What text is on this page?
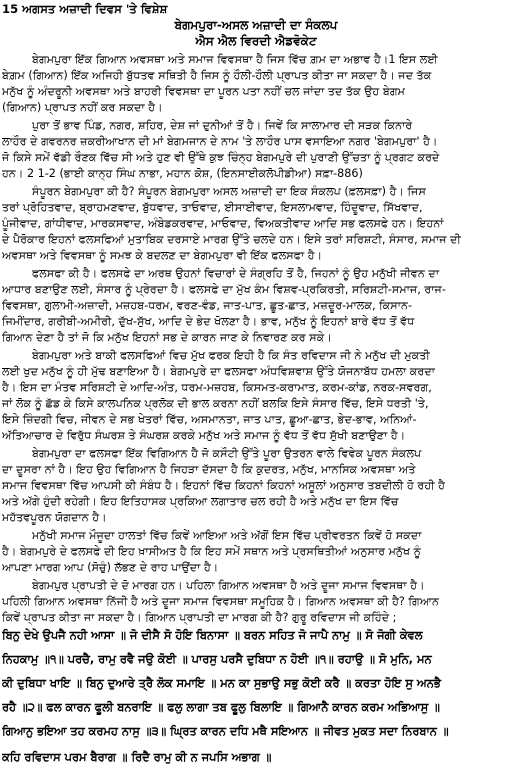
15 ਅਗਸਤ ਅਜ਼ਾਦੀ ਦਿਵਸ 'ਤੇ ਵਿਸ਼ੇਸ਼
ਬੇਗਮਪੁਰਾ-ਅਸਲ ਅਜ਼ਾਦੀ ਦਾ ਸੰਕਲਪ
ਐਸ ਐਲ ਵਿਰਦੀ ਐਡਵੋਕੇਟ
ਬੇਗਮਪੁਰਾ ਇੱਕ ਗਿਆਨ ਅਵਸਥਾ ਅਤੇ ਸਮਾਜ ਵਿਵਸਥਾ ਹੈ ਜਿਸ ਵਿੱਚ ਗ਼ਮ ਦਾ ਅਭਾਵ ਹੈ।1 ਇਸ ਲਈ
ਬੇਗ਼ਮ (ਗਿਆਨ) ਇੱਕ ਅਜਿਹੀ ਬੁੱਧਤਵ ਸਥਿਤੀ ਹੈ ਜਿਸ ਨੂੰ ਹੌਲੀ-ਹੌਲੀ ਪ੍ਰਾਪਤ ਕੀਤਾ ਜਾ ਸਕਦਾ ਹੈ। ਜਦ ਤੱਕ
ਮਨੁੱਖ ਨੂੰ ਅੰਦਰੂਨੀ ਅਵਸਥਾ ਅਤੇ ਬਾਹਰੀ ਵਿਵਸਥਾ ਦਾ ਪੂਰਨ ਪਤਾ ਨਹੀਂ ਚਲ ਜਾਂਦਾ ਤਦ ਤੱਕ ਉਹ ਬੇਗਮ
(ਗਿਆਨ) ਪ੍ਰਾਪਤ ਨਹੀਂ ਕਰ ਸਕਦਾ ਹੈ।
ਪੁਰਾ ਤੋਂ ਭਾਵ ਪਿੰਡ, ਨਗਰ, ਸ਼ਹਿਰ, ਦੇਸ਼ ਜਾਂ ਦੁਨੀਆਂ ਤੋਂ ਹੈ। ਜਿਵੇਂ ਕਿ ਸਾਲਾਮਾਰ ਦੀ ਸੜਕ ਕਿਨਾਰੇ
ਲਾਹੌਰ ਦੇ ਗਵਰਨਰ ਜ਼ਕਰੀਆਖਾਨ ਦੀ ਮਾਂ ਬੇਗਮਜਾਨ ਦੇ ਨਾਮ 'ਤੇ ਲਾਹੌਰ ਪਾਸ ਵਸਾਇਆ ਨਗਰ 'ਬੇਗਮਪੁਰਾ' ਹੈ।
ਜੋ ਕਿਸੇ ਸਮੇਂ ਵੱਡੀ ਰੌਣਕ ਵਿੱਚ ਸੀ ਅਤੇ ਹੁਣ ਵੀ ਉੱਥੇ ਕੁਝ ਚਿੰਨ੍ਹ ਬੇਗਮਪੁਰੇ ਦੀ ਪੁਰਾਣੀ ਉੱਚਤਾ ਨੂੰ ਪ੍ਰਗਟ ਕਰਦੇ
ਹਨ। 2 1-2 (ਭਾਈ ਕਾਨ੍ਹ ਸਿੰਘ ਨਾਭਾ, ਮਹਾਨ ਕੋਸ਼, (ਇਨਸਾਈਕਲੋਪੀਡੀਆ) ਸਫ਼ਾ-886)
ਸੰਪੂਰਨ ਬੇਗਮਪੁਰਾ ਕੀ ਹੈ? ਸੰਪੂਰਨ ਬੇਗਮਪੁਰਾ ਅਸਲ ਅਜ਼ਾਦੀ ਦਾ ਇਕ ਸੰਕਲਪ (ਫ਼ਲਸਫ਼ਾ) ਹੈ। ਜਿਸ
ਤਰਾਂ ਪ੍ਰੋਹਿਤਵਾਦ, ਬ੍ਰਾਹਮਣਵਾਦ, ਬੁੱਧਵਾਦ, ਤਾਓਵਾਦ, ਈਸਾਈਵਾਦ, ਇਸਲਾਮਵਾਦ, ਹਿੰਦੂਵਾਦ, ਸਿੱਖਵਾਦ,
ਪੂੰਜੀਵਾਦ, ਗਾਂਧੀਵਾਦ, ਮਾਰਕਸਵਾਦ, ਅੰਬੇਡਕਰਵਾਦ, ਮਾਓਵਾਦ, ਵਿਅਕਤੀਵਾਦ ਆਦਿ ਸਭ ਫਲਸਫੇ ਹਨ। ਇਹਨਾਂ
ਦੇ ਪੈਰੋਕਾਰ ਇਹਨਾਂ ਫਲਸਫਿਆਂ ਮੁਤਾਬਿਕ ਦਰਸਾਏ ਮਾਰਗ ਉੱਤੇ ਚਲਦੇ ਹਨ। ਇਸੇ ਤਰਾਂ ਸਰਿਸ਼ਟੀ, ਸੰਸਾਰ, ਸਮਾਜ ਦੀ
ਅਵਸਥਾ ਅਤੇ ਵਿਵਸਥਾ ਨੂੰ ਸਮਝ ਕੇ ਬਦਲਣ ਦਾ ਬੇਗਮਪੁਰਾ ਵੀ ਇੱਕ ਫਲਸਫਾ ਹੈ।
ਫਲਸਫਾ ਕੀ ਹੈ। ਫਲਸਫੇ ਦਾ ਅਰਥ ਉਹਨਾਂ ਵਿਚਾਰਾਂ ਦੇ ਸੰਗ੍ਰਹਿ ਤੋਂ ਹੈ, ਜਿਹਨਾਂ ਨੂੰ ਉਹ ਮਨੁੱਖੀ ਜੀਵਨ ਦਾ
ਆਧਾਰ ਬਣਾਉਣ ਲਈ, ਸੰਸਾਰ ਨੂੰ ਪ੍ਰੇਰਦਾ ਹੈ। ਫਲਸਫੇ ਦਾ ਮੁੱਖ ਕੰਮ ਵਿਸ਼ਵ-ਪ੍ਰਕਿਰਤੀ, ਸਰਿਸ਼ਟੀ-ਸਮਾਜ, ਰਾਜ-
ਵਿਵਸਥਾ, ਗੁਲਾਮੀ-ਅਜ਼ਾਦੀ, ਮਜ਼ਹਬ-ਧਰਮ, ਵਰਣ-ਵੰਡ, ਜਾਤ-ਪਾਤ, ਛੂਤ-ਛਾਤ, ਮਜ਼ਦੂਰ-ਮਾਲਕ, ਕਿਸਾਨ-
ਜਿਮੀਂਦਾਰ, ਗਰੀਬੀ-ਅਮੀਰੀ, ਦੁੱਖ-ਸੁੱਖ, ਆਦਿ ਦੇ ਭੇਦ ਖੋਲਣਾ ਹੈ। ਭਾਵ, ਮਨੁੱਖ ਨੂੰ ਇਹਨਾਂ ਬਾਰੇ ਵੱਧ ਤੋਂ ਵੱਧ
ਗਿਆਨ ਦੇਣਾ ਹੈ ਤਾਂ ਜੋ ਕਿ ਮਨੁੱਖ ਇਹਨਾਂ ਸਭ ਦੇ ਕਾਰਨ ਜਾਣ ਕੇ ਨਿਵਾਰਣ ਕਰ ਸਕੇ।
ਬੇਗਮਪੁਰਾ ਅਤੇ ਬਾਕੀ ਫਲਸਫਿਆਂ ਵਿਚ ਮੁੱਖ ਫਰਕ ਇਹੀ ਹੈ ਕਿ ਸੰਤ ਰਵਿਦਾਸ ਜੀ ਨੇ ਮਨੁੱਖ ਦੀ ਮੁਕਤੀ
ਲਈ ਖੁਦ ਮਨੁੱਖ ਨੂੰ ਹੀ ਮੁੱਢ ਬਣਾਇਆ ਹੈ। ਬੇਗਮਪੁਰੇ ਦਾ ਫਲਸਫਾ ਅੰਧਵਿਸ਼ਵਾਸ਼ ਉੱਤੇ ਯੋਜਨਾਬੱਧ ਹਮਲਾ ਕਰਦਾ
ਹੈ। ਇਸ ਦਾ ਮੰਤਵ ਸਰਿਸ਼ਟੀ ਦੇ ਆਦਿ-ਅੰਤ, ਧਰਮ-ਮਜ਼ਹਬ, ਕਿਸਮਤ-ਕਰਾਮਾਤ, ਕਰਮ-ਕਾਂਡ, ਨਰਕ-ਸਵਰਗ,
ਜਾਂ ਲੋਕ ਨੂੰ ਛੱਡ ਕੇ ਕਿਸੇ ਕਾਲਪਨਿਕ ਪ੍ਰਲੋਕ ਦੀ ਭਾਲ ਕਰਨਾ ਨਹੀਂ ਬਲਕਿ ਇਸੇ ਸੰਸਾਰ ਵਿੱਚ, ਇਸੇ ਧਰਤੀ 'ਤੇ,
ਇਸੇ ਜ਼ਿੰਦਗੀ ਵਿਚ, ਜੀਵਨ ਦੇ ਸਭ ਖੇਤਰਾਂ ਵਿੱਚ, ਅਸਮਾਨਤਾ, ਜਾਤ ਪਾਤ, ਛੂਆ-ਛਾਤ, ਭੇਦ-ਭਾਵ, ਅਨਿਆਂ-
ਅੱਤਿਆਚਾਰ ਦੇ ਵਿਰੁੱਧ ਸੰਘਰਸ਼ ਤੇ ਸੰਘਰਸ਼ ਕਰਕੇ ਮਨੁੱਖ ਅਤੇ ਸਮਾਜ ਨੂੰ ਵੱਧ ਤੋਂ ਵੱਧ ਸੁੱਖੀ ਬਣਾਉਣਾ ਹੈ।
ਬੇਗਮਪੁਰਾ ਦਾ ਫਲਸਫਾ ਇੱਕ ਵਿਗਿਆਨ ਹੈ ਜੋ ਕਸੌਟੀ ਉੱਤੇ ਪੂਰਾ ਉਤਰਨ ਵਾਲੇ ਵਿਵੇਕ ਪੂਰਨ ਸੰਕਲਪ
ਦਾ ਦੂਸਰਾ ਨਾਂ ਹੈ। ਇਹ ਉਹ ਵਿਗਿਆਨ ਹੈ ਜਿਹੜਾ ਦੱਸਦਾ ਹੈ ਕਿ ਕੁਦਰਤ, ਮਨੁੱਖ, ਮਾਨਸਿਕ ਅਵਸਥਾ ਅਤੇ
ਸਮਾਜ ਵਿਵਸਥਾ ਵਿੱਚ ਆਪਸੀ ਕੀ ਸੰਬੰਧ ਹੈ। ਇਹਨਾਂ ਵਿੱਚ ਕਿਹਨਾਂ ਕਿਹਨਾਂ ਅਸੂਲਾਂ ਅਨੁਸਾਰ ਤਬਦੀਲੀ ਹੋ ਰਹੀ ਹੈ
ਅਤੇ ਅੱਗੇ ਹੁੰਦੀ ਰਹੇਗੀ। ਇਹ ਇਤਿਹਾਸਕ ਪ੍ਰਕਿਆ ਲਗਾਤਾਰ ਚਲ ਰਹੀ ਹੈ ਅਤੇ ਮਨੁੱਖ ਦਾ ਇਸ ਵਿੱਚ
ਮਹੱਤਵਪੂਰਨ ਯੋਗਦਾਨ ਹੈ।
ਮਨੁੱਖੀ ਸਮਾਜ ਮੌਜੂਦਾ ਹਾਲਤਾਂ ਵਿੱਚ ਕਿਵੇਂ ਆਇਆ ਅਤੇ ਅੱਗੋਂ ਇਸ ਵਿੱਚ ਪ੍ਰੀਵਰਤਨ ਕਿਵੇਂ ਹੋ ਸਕਦਾ
ਹੈ। ਬੇਗਮਪੁਰੇ ਦੇ ਫਲਸਫੇ ਦੀ ਇਹ ਖ਼ਾਸੀਅਤ ਹੈ ਕਿ ਇਹ ਸਮੇਂ ਸਥਾਨ ਅਤੇ ਪ੍ਰਸਥਿਤੀਆਂ ਅਨੁਸਾਰ ਮਨੁੱਖ ਨੂੰ
ਆਪਣਾ ਮਾਰਗ ਆਪ (ਸੋਚੁੰ) ਲੱਭਣ ਦੇ ਰਾਹ ਪਾਉਂਦਾ ਹੈ।
ਬੇਗਮਪੁਰ ਪ੍ਰਾਪਤੀ ਦੇ ਦੋ ਮਾਰਗ ਹਨ। ਪਹਿਲਾ ਗਿਆਨ ਅਵਸਥਾ ਹੈ ਅਤੇ ਦੂਜਾ ਸਮਾਜ ਵਿਵਸਥਾ ਹੈ।
ਪਹਿਲੀ ਗਿਆਨ ਅਵਸਥਾ ਨਿੱਜੀ ਹੈ ਅਤੇ ਦੂਜਾ ਸਮਾਜ ਵਿਵਸਥਾ ਸਮੂਹਿਕ ਹੈ। ਗਿਆਨ ਅਵਸਥਾ ਕੀ ਹੈ? ਗਿਆਨ
ਕਿਵੇਂ ਪ੍ਰਾਪਤ ਕੀਤਾ ਜਾ ਸਕਦਾ ਹੈ। ਗਿਆਨ ਪ੍ਰਾਪਤੀ ਦਾ ਮਾਰਗ ਕੀ ਹੈ? ਗੁਰੂ ਰਵਿਦਾਸ ਜੀ ਕਹਿੰਦੇ ;
ਬਿਨੁ ਦੇਖੇ ਉਪਜੈ ਨਹੀ ਆਸਾ ॥ ਜੋ ਦੀਸੈ ਸੋ ਹੋਇ ਬਿਨਾਸਾ ॥ ਬਰਨ ਸਹਿਤ ਜੋ ਜਾਪੈ ਨਾਮੁ ॥ ਸੋ ਜੋਗੀ ਕੇਵਲ
ਨਿਹਕਾਮੁ ॥੧॥ ਪਰਚੈ, ਰਾਮੁ ਰਵੈ ਜਉ ਕੋਈ ॥ ਪਾਰਸੁ ਪਰਸੈ ਦੁਬਿਧਾ ਨ ਹੋਈ ॥੧॥ ਰਹਾਉ ॥ ਸੋ ਮੁਨਿ, ਮਨ
ਕੀ ਦੁਬਿਧਾ ਖਾਇ ॥ ਬਿਨੁ ਦੁਆਰੇ ਤ੍ਰੈ ਲੋਕ ਸਮਾਇ ॥ ਮਨ ਕਾ ਸੁਭਾਉ ਸਭੁ ਕੋਈ ਕਰੈ ॥ ਕਰਤਾ ਹੋਇ ਸੁ ਅਨਭੈ
ਰਹੈ ॥੨॥ ਫਲ ਕਾਰਨ ਫੂਲੀ ਬਨਰਾਇ ॥ ਫਲੁ ਲਾਗਾ ਤਬ ਫੂਲੁ ਬਿਲਾਇ ॥ ਗਿਆਨੈ ਕਾਰਨ ਕਰਮ ਅਭਿਆਸੁ ॥
ਗਿਆਨੁ ਭਇਆ ਤਹ ਕਰਮਹ ਨਾਸੁ ॥੩॥ ਘ੍ਰਿਤ ਕਾਰਨ ਦਧਿ ਮਥੈ ਸਇਆਨ ॥ ਜੀਵਤ ਮੁਕਤ ਸਦਾ ਨਿਰਬਾਨ ॥
ਕਹਿ ਰਵਿਦਾਸ ਪਰਮ ਬੈਰਾਗ ॥ ਰਿਦੈ ਰਾਮੁ ਕੀ ਨ ਜਪਸਿ ਅਭਾਗ ॥
